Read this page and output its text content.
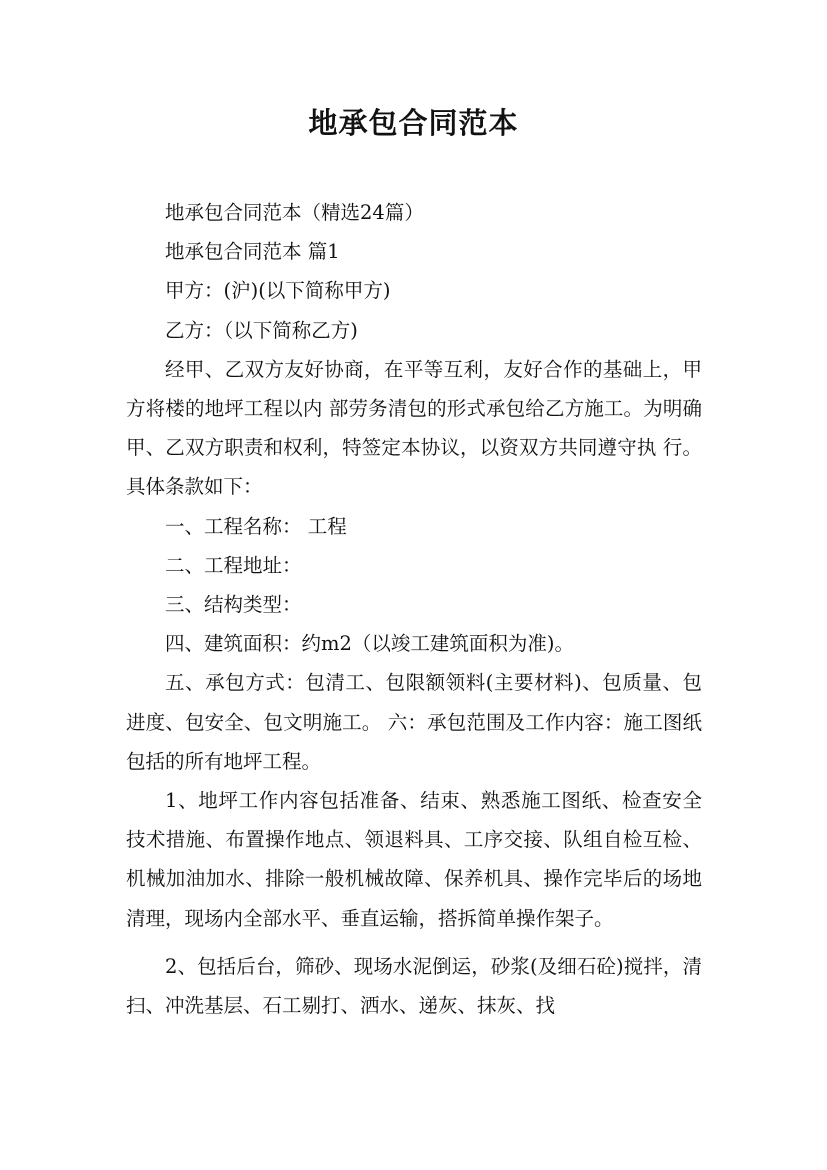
地承包合同范本

地承包合同范本（精选24篇）

地承包合同范本 篇1

甲方：(沪)(以下简称甲方)

乙方：（以下简称乙方)

经甲、乙双方友好协商，在平等互利，友好合作的基础上，甲方将楼的地坪工程以内 部劳务清包的形式承包给乙方施工。为明确甲、乙双方职责和权利，特签定本协议，以资双方共同遵守执 行。具体条款如下：

一、工程名称： 工程

二、工程地址：

三、结构类型：

四、建筑面积：约m2（以竣工建筑面积为准)。

五、承包方式：包清工、包限额领料(主要材料)、包质量、包进度、包安全、包文明施工。 六：承包范围及工作内容：施工图纸包括的所有地坪工程。

1、地坪工作内容包括准备、结束、熟悉施工图纸、检查安全技术措施、布置操作地点、领退料具、工序交接、队组自检互检、机械加油加水、排除一般机械故障、保养机具、操作完毕后的场地清理，现场内全部水平、垂直运输，搭拆简单操作架子。

2、包括后台，筛砂、现场水泥倒运，砂浆(及细石砼)搅拌，清扫、冲洗基层、石工剔打、洒水、递灰、抹灰、找
